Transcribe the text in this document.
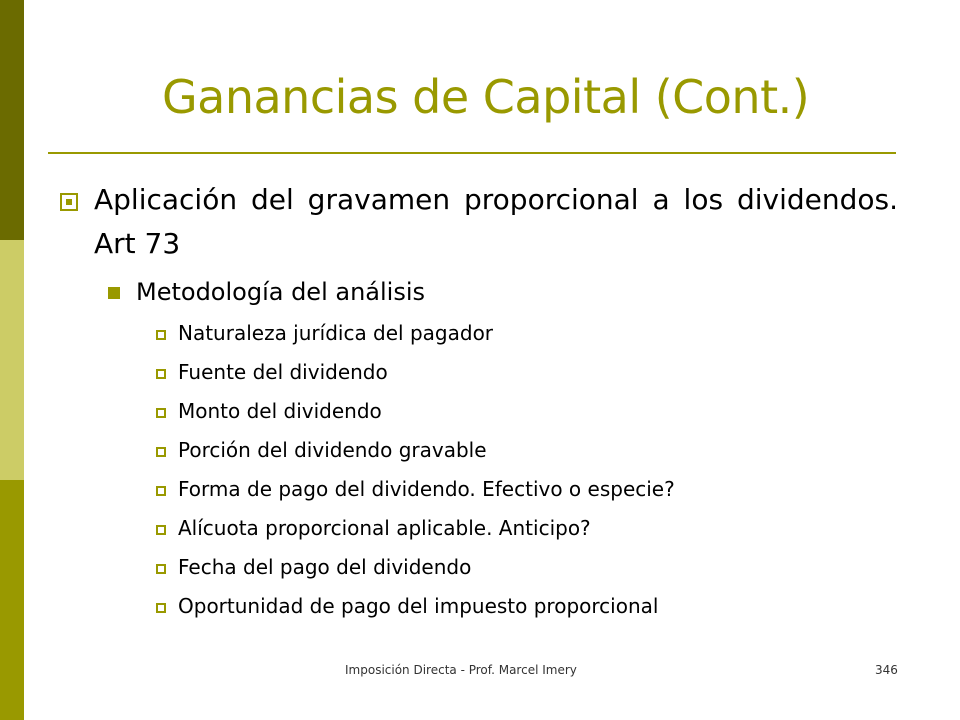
Ganancias de Capital (Cont.)
Aplicación del gravamen proporcional a los dividendos. Art 73
Metodología del análisis
Naturaleza jurídica del pagador
Fuente del dividendo
Monto del dividendo
Porción del dividendo gravable
Forma de pago del dividendo. Efectivo o especie?
Alícuota proporcional aplicable. Anticipo?
Fecha del pago del dividendo
Oportunidad de pago del impuesto proporcional
Imposición Directa - Prof. Marcel Imery	346
